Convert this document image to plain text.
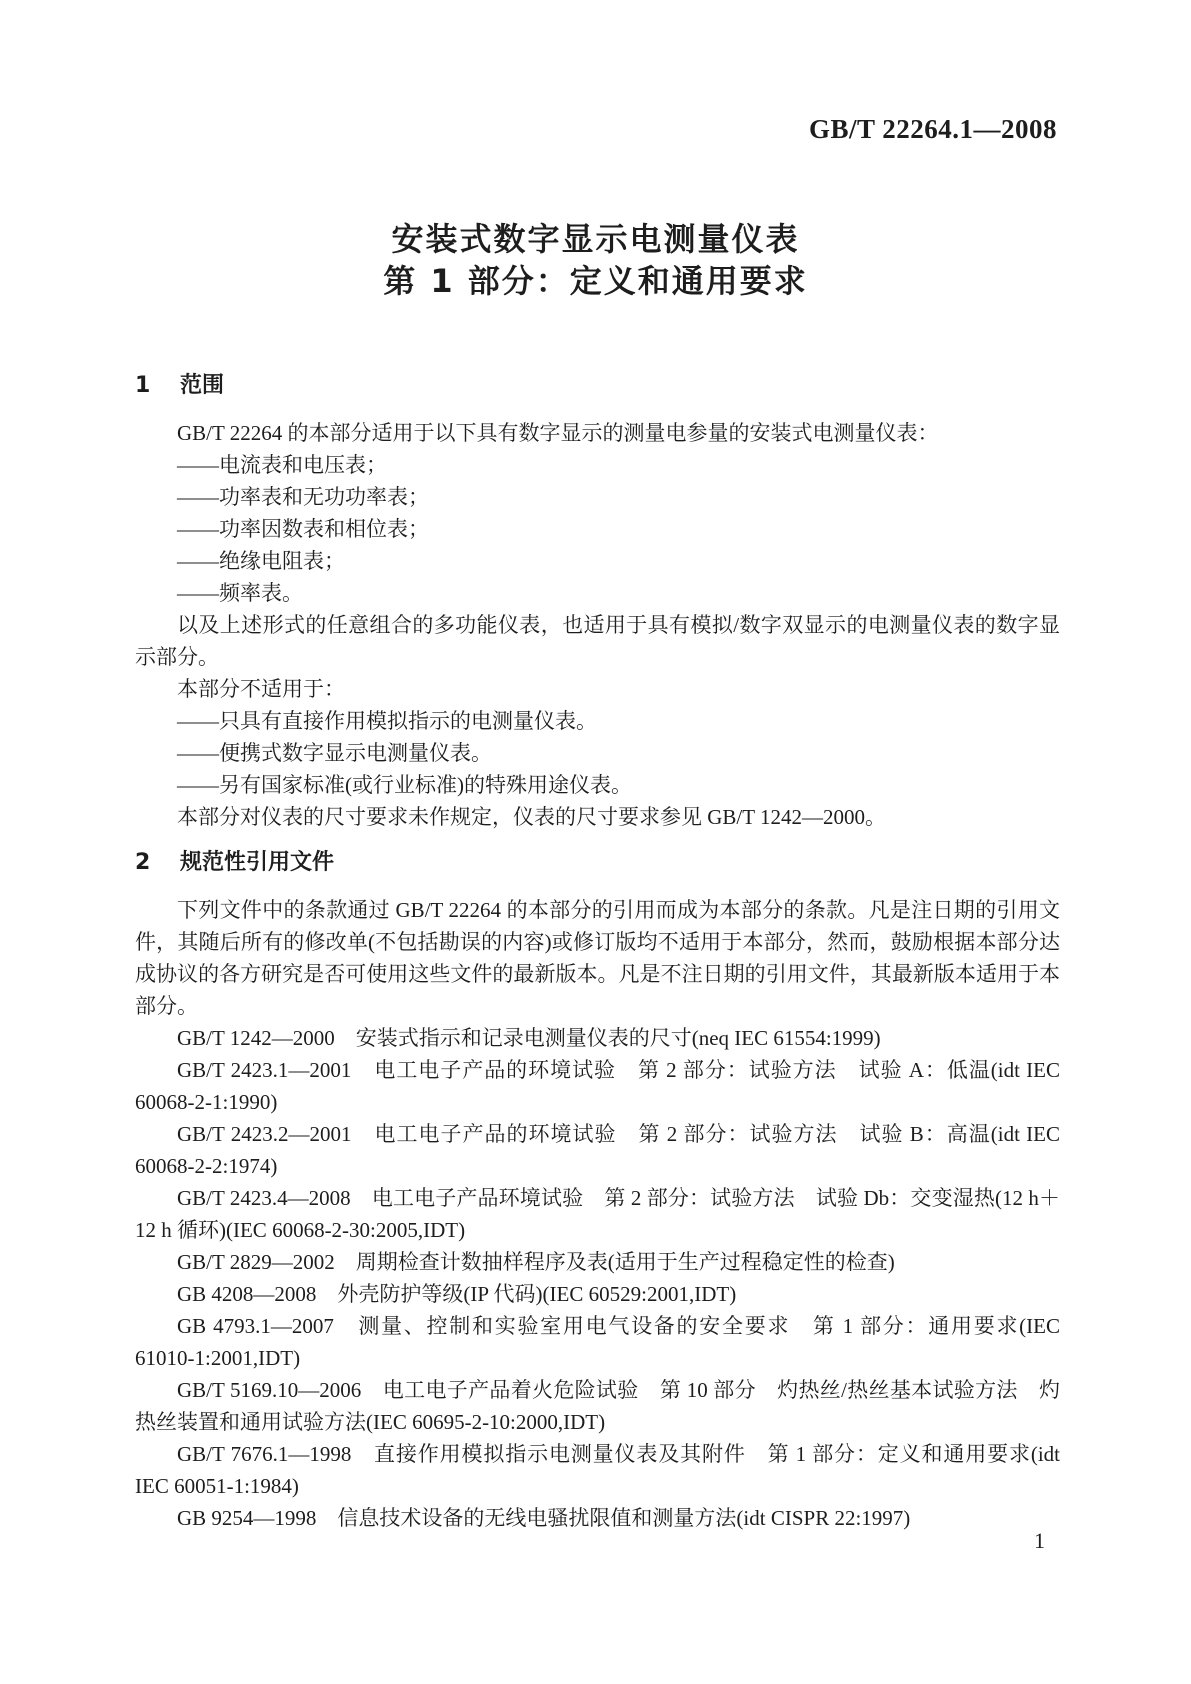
GB/T 22264.1—2008
安装式数字显示电测量仪表
第 1 部分：定义和通用要求
1 范围

GB/T 22264 的本部分适用于以下具有数字显示的测量电参量的安装式电测量仪表：

——电流表和电压表；

——功率表和无功功率表；

——功率因数表和相位表；

——绝缘电阻表；

——频率表。

以及上述形式的任意组合的多功能仪表，也适用于具有模拟/数字双显示的电测量仪表的数字显示部分。

本部分不适用于：

——只具有直接作用模拟指示的电测量仪表。

——便携式数字显示电测量仪表。

——另有国家标准(或行业标准)的特殊用途仪表。

本部分对仪表的尺寸要求未作规定，仪表的尺寸要求参见 GB/T 1242—2000。

2 规范性引用文件

下列文件中的条款通过 GB/T 22264 的本部分的引用而成为本部分的条款。凡是注日期的引用文件，其随后所有的修改单(不包括勘误的内容)或修订版均不适用于本部分，然而，鼓励根据本部分达成协议的各方研究是否可使用这些文件的最新版本。凡是不注日期的引用文件，其最新版本适用于本部分。

GB/T 1242—2000　安装式指示和记录电测量仪表的尺寸(neq IEC 61554:1999)

GB/T 2423.1—2001　电工电子产品的环境试验　第 2 部分：试验方法　试验 A：低温(idt IEC 60068-2-1:1990)

GB/T 2423.2—2001　电工电子产品的环境试验　第 2 部分：试验方法　试验 B：高温(idt IEC 60068-2-2:1974)

GB/T 2423.4—2008　电工电子产品环境试验　第 2 部分：试验方法　试验 Db：交变湿热(12 h＋12 h 循环)(IEC 60068-2-30:2005,IDT)

GB/T 2829—2002　周期检查计数抽样程序及表(适用于生产过程稳定性的检查)

GB 4208—2008　外壳防护等级(IP 代码)(IEC 60529:2001,IDT)

GB 4793.1—2007　测量、控制和实验室用电气设备的安全要求　第 1 部分：通用要求(IEC 61010-1:2001,IDT)

GB/T 5169.10—2006　电工电子产品着火危险试验　第 10 部分　灼热丝/热丝基本试验方法　灼热丝装置和通用试验方法(IEC 60695-2-10:2000,IDT)

GB/T 7676.1—1998　直接作用模拟指示电测量仪表及其附件　第 1 部分：定义和通用要求(idt IEC 60051-1:1984)

GB 9254—1998　信息技术设备的无线电骚扰限值和测量方法(idt CISPR 22:1997)

1
